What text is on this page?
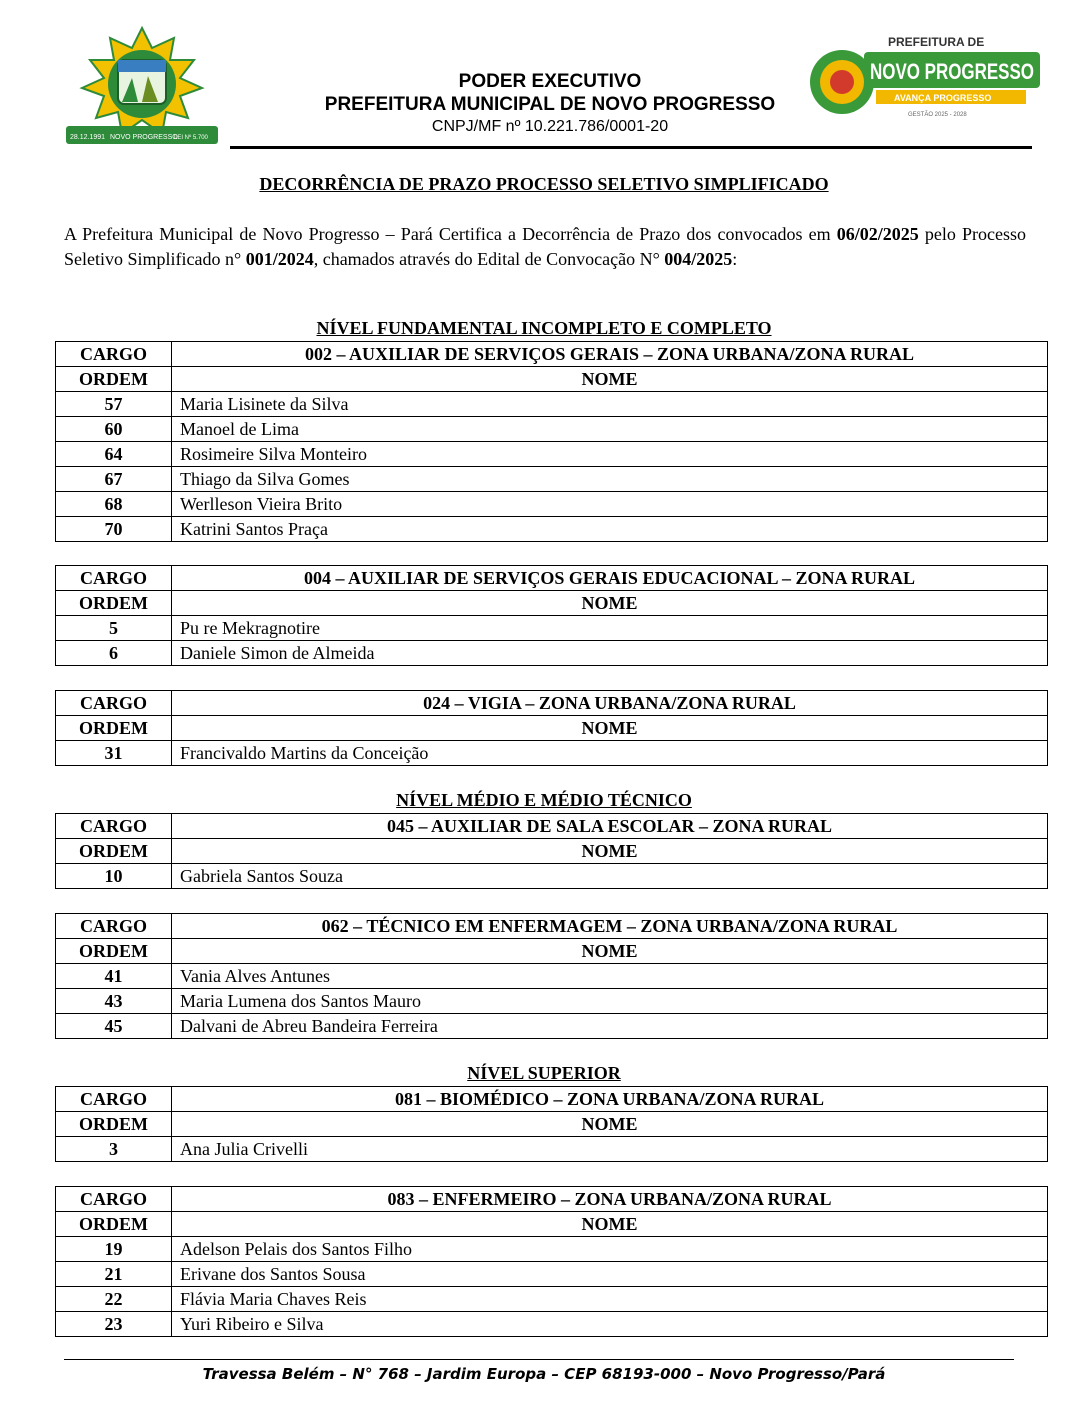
28.12.1991 NOVO PROGRESSO
LEI Nº 5.700
PODER EXECUTIVO
PREFEITURA MUNICIPAL DE NOVO PROGRESSO
CNPJ/MF nº 10.221.786/0001-20
PREFEITURA DE
NOVO PROGRESSO
AVANÇA PROGRESSO
GESTÃO 2025 - 2028
DECORRÊNCIA DE PRAZO PROCESSO SELETIVO SIMPLIFICADO
A Prefeitura Municipal de Novo Progresso – Pará Certifica a Decorrência de Prazo dos convocados em 06/02/2025 pelo Processo Seletivo Simplificado n° 001/2024, chamados através do Edital de Convocação N° 004/2025:
NÍVEL FUNDAMENTAL INCOMPLETO E COMPLETO
NÍVEL MÉDIO E MÉDIO TÉCNICO
NÍVEL SUPERIOR
CARGO	002 – AUXILIAR DE SERVIÇOS GERAIS – ZONA URBANA/ZONA RURAL
ORDEM	NOME
57	Maria Lisinete da Silva
60	Manoel de Lima
64	Rosimeire Silva Monteiro
67	Thiago da Silva Gomes
68	Werlleson Vieira Brito
70	Katrini Santos Praça
CARGO	004 – AUXILIAR DE SERVIÇOS GERAIS EDUCACIONAL – ZONA RURAL
ORDEM	NOME
5	Pu re Mekragnotire
6	Daniele Simon de Almeida
CARGO	024 – VIGIA – ZONA URBANA/ZONA RURAL
ORDEM	NOME
31	Francivaldo Martins da Conceição
CARGO	045 – AUXILIAR DE SALA ESCOLAR – ZONA RURAL
ORDEM	NOME
10	Gabriela Santos Souza
CARGO	062 – TÉCNICO EM ENFERMAGEM – ZONA URBANA/ZONA RURAL
ORDEM	NOME
41	Vania Alves Antunes
43	Maria Lumena dos Santos Mauro
45	Dalvani de Abreu Bandeira Ferreira
CARGO	081 – BIOMÉDICO – ZONA URBANA/ZONA RURAL
ORDEM	NOME
3	Ana Julia Crivelli
CARGO	083 – ENFERMEIRO – ZONA URBANA/ZONA RURAL
ORDEM	NOME
19	Adelson Pelais dos Santos Filho
21	Erivane dos Santos Sousa
22	Flávia Maria Chaves Reis
23	Yuri Ribeiro e Silva
Travessa Belém – N° 768 – Jardim Europa – CEP 68193-000 – Novo Progresso/Pará
